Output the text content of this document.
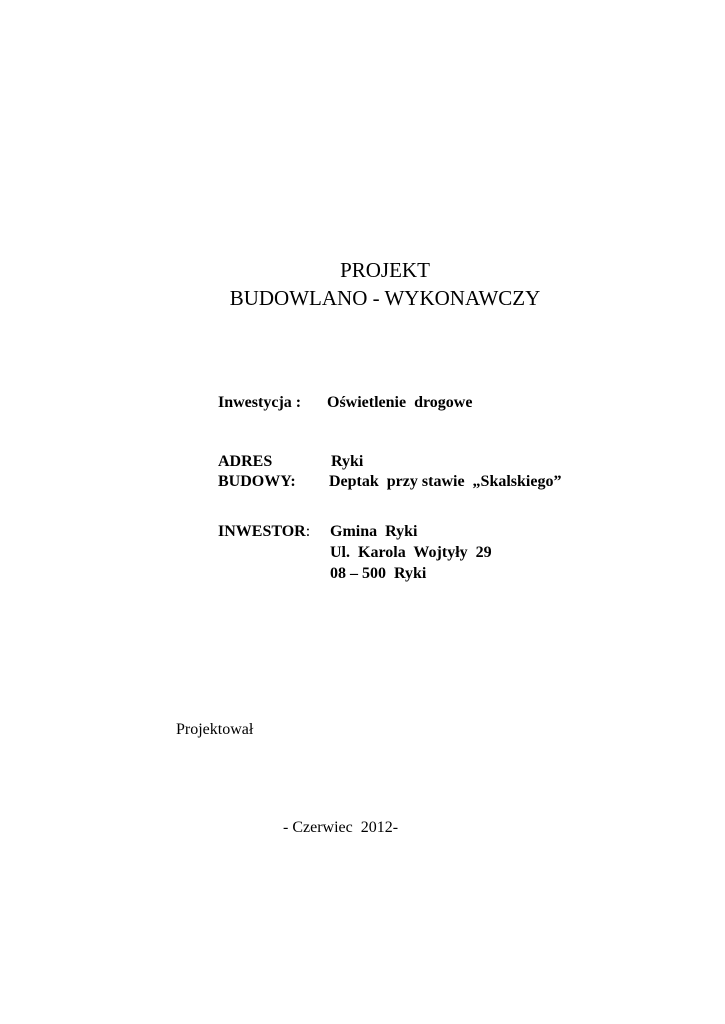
PROJEKT
BUDOWLANO - WYKONAWCZY
Inwestycja : Oświetlenie  drogowe
ADRES	Ryki
BUDOWY: Deptak  przy stawie  „Skalskiego”
INWESTOR: Gmina  Ryki
Ul.  Karola  Wojtyły  29
08 – 500  Ryki
Projektował
- Czerwiec  2012-
